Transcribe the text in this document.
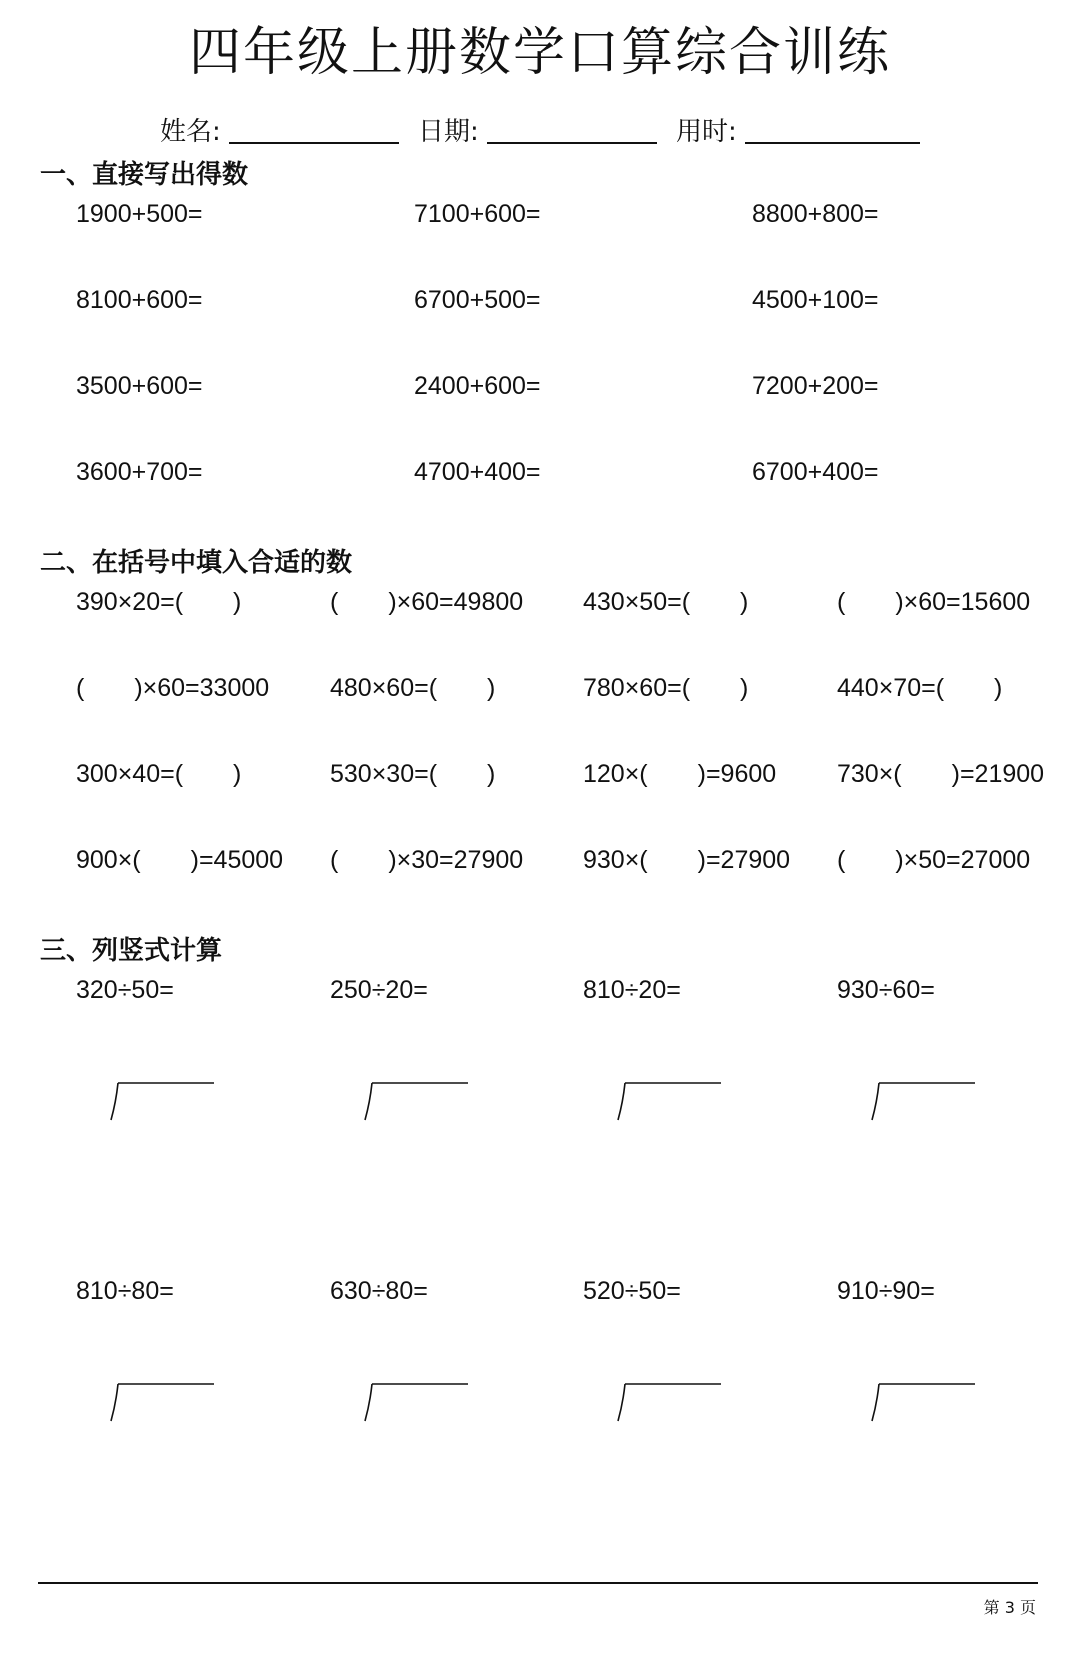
四年级上册数学口算综合训练
姓名:	日期:	用时:
一、直接写出得数
1900+500=	7100+600=	8800+800=
8100+600=	6700+500=	4500+100=
3500+600=	2400+600=	7200+200=
3600+700=	4700+400=	6700+400=
二、在括号中填入合适的数
390×20=(　　)	(　　)×60=49800 430×50=(　　)	(　　)×60=15600
(　　)×60=33000 480×60=(　　)	780×60=(　　)	440×70=(　　)
300×40=(　　)	530×30=(　　)	120×(　　)=9600 730×(　　)=21900
900×(　　)=45000 (　　)×30=27900 930×(　　)=27900 (　　)×50=27000
三、列竖式计算
320÷50=	250÷20=	810÷20=	930÷60=
810÷80=	630÷80=	520÷50=	910÷90=
第 3 页
